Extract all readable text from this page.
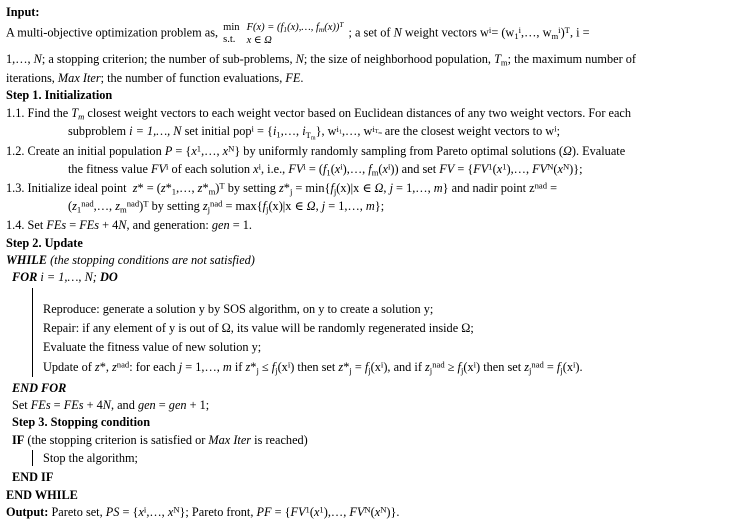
Input:
A multi-objective optimization problem as, min
s.t.

$F(x) = (f_1(x),\dots$, $f_m(x))^T$
x ∈ Ω
; a set of N weight vectors $w^i=$ ($w_1^i,\dots$, $w_m^i)^T$, i =
1,…, N; a stopping criterion; the number of sub-problems, N; the size of neighborhood population, $T_m$; the maximum number of
iterations, Max Iter; the number of function evaluations, FE.
Step 1. Initialization
1.1. Find the $T_m$ closest weight vectors to each weight vector based on Euclidean distances of any two weight vectors. For each
subproblem i = 1,…, N set initial $pop^i = \{i_1,\dots$, $i_{T_m}$}, $w^{i_1},\dots$, $w^{i_{T_m}}$ are the closest weight vectors to $w^i$;
1.2. Create an initial population $P = \{x^1,\dots$, $x^N$} by uniformly randomly sampling from Pareto optimal solutions (Ω). Evaluate
the fitness value $FV^i$ of each solution $x^i$, i.e., $FV^i$ = ($f_1(x^i),\dots$, $f_m(x^i)$) and set FV = {$FV^1(x^1),\dots$, $FV^N(x^N)$};
1.3. Initialize ideal point  $z* = (z*_1,\dots$, $z*_m)^T$ by setting $z*_j = \min\{f_j(x)|x$ ∈ Ω, j = 1,…, m} and nadir point $z^{nad}$ =
($z_1^{nad},\dots$, $z_m^{nad})^T$ by setting $z_j^{nad} = \max\{f_j(x)|x$ ∈ Ω, j = 1,…, m};
1.4. Set FEs = FEs + 4N, and generation: gen = 1.
Step 2. Update
WHILE (the stopping conditions are not satisfied)
FOR i = 1,…, N; DO
Reproduce: generate a solution y by SOS algorithm, on y to create a solution y;
Repair: if any element of y is out of Ω, its value will be randomly regenerated inside Ω;
Evaluate the fitness value of new solution y;
Update of z*, $z^{nad}$: for each j = 1,…, m if $z*_j \le f_j(x^i)$ then set $z*_j = f_j(x^i)$, and if $z_j^{nad} \ge f_j(x^i)$ then set $z_j^{nad} = f_j(x^i)$.
END FOR
Set FEs = FEs + 4N, and gen = gen + 1;
Step 3. Stopping condition
IF (the stopping criterion is satisfied or Max Iter is reached)
Stop the algorithm;
END IF
END WHILE
Output: Pareto set, PS = {$x^i,\dots$, $x^N$}; Pareto front, PF = {$FV^1(x^1),\dots$, $FV^N(x^N)$}.
